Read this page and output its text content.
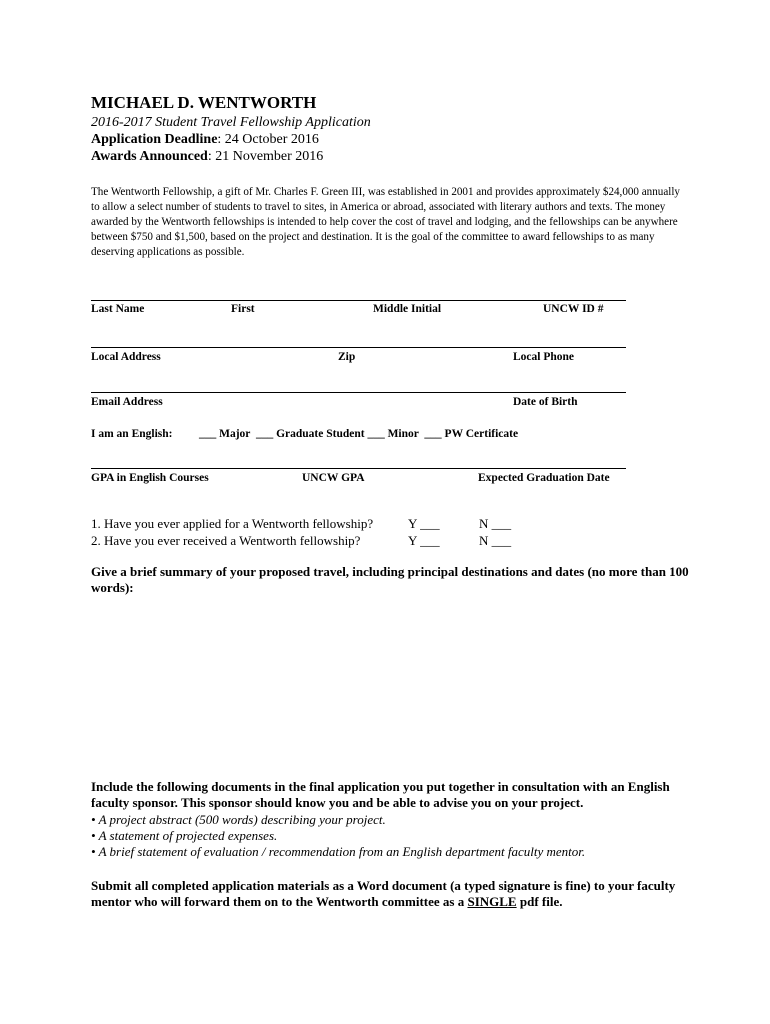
MICHAEL D. WENTWORTH
2016-2017 Student Travel Fellowship Application
Application Deadline: 24 October 2016
Awards Announced: 21 November 2016
The Wentworth Fellowship, a gift of Mr. Charles F. Green III, was established in 2001 and provides approximately $24,000 annually to allow a select number of students to travel to sites, in America or abroad, associated with literary authors and texts. The money awarded by the Wentworth fellowships is intended to help cover the cost of travel and lodging, and the fellowships can be anywhere between $750 and $1,500, based on the project and destination. It is the goal of the committee to award fellowships to as many deserving applications as possible.
Last Name	First	Middle Initial	UNCW ID #
Local Address	Zip	Local Phone
Email Address	Date of Birth
I am an English: ___ Major  ___ Graduate Student ___ Minor  ___ PW Certificate
GPA in English Courses	UNCW GPA	Expected Graduation Date
1. Have you ever applied for a Wentworth fellowship?	Y ___	N ___
2. Have you ever received a Wentworth fellowship?	Y ___	N ___
Give a brief summary of your proposed travel, including principal destinations and dates (no more than 100 words):
Include the following documents in the final application you put together in consultation with an English faculty sponsor. This sponsor should know you and be able to advise you on your project.
• A project abstract (500 words) describing your project.
• A statement of projected expenses.
• A brief statement of evaluation / recommendation from an English department faculty mentor.
Submit all completed application materials as a Word document (a typed signature is fine) to your faculty mentor who will forward them on to the Wentworth committee as a SINGLE pdf file.
